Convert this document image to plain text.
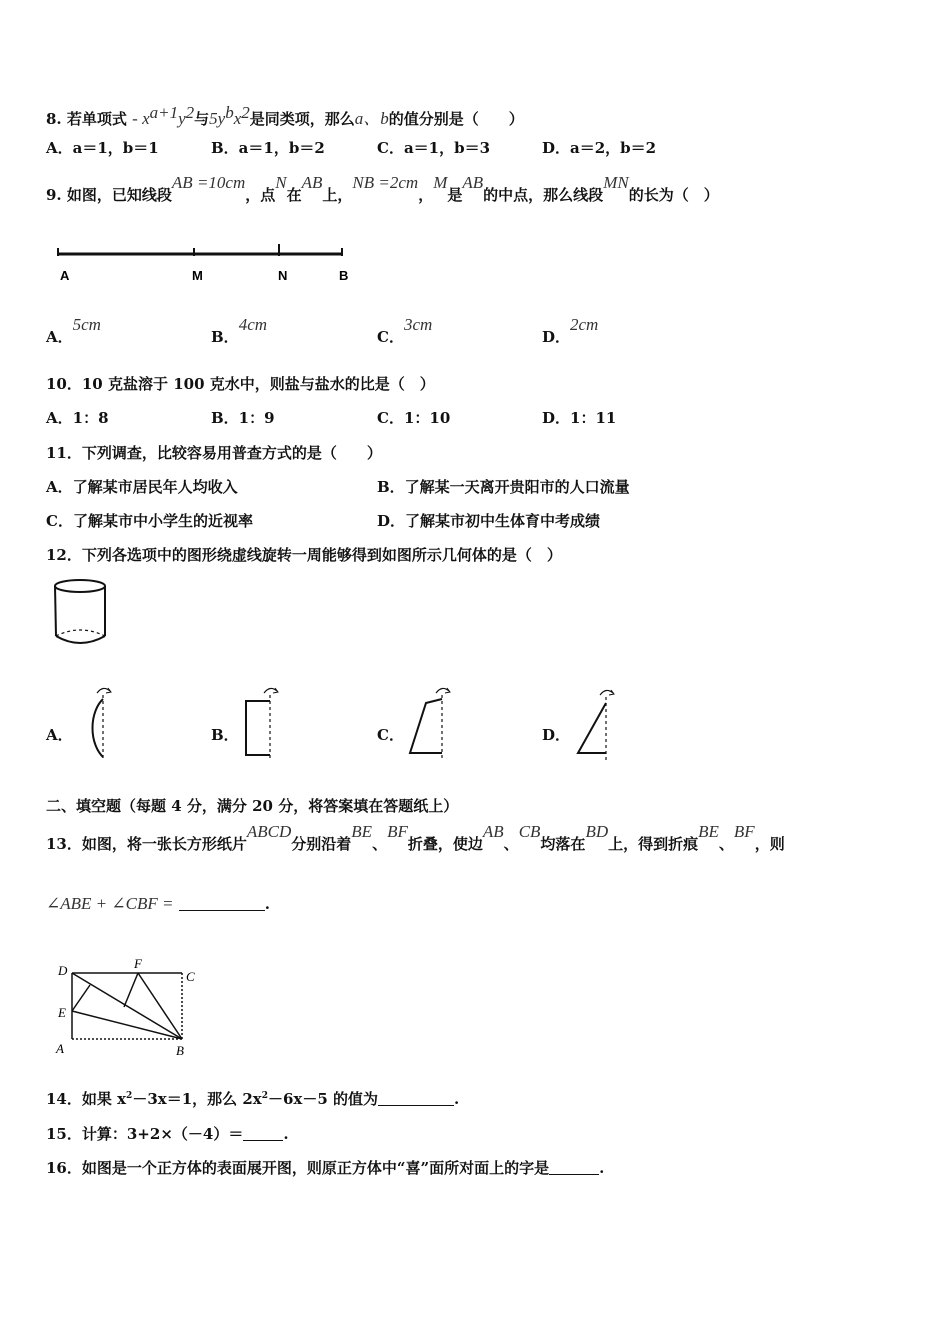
8. 若单项式 - $x^{a+1}y^2$与$5y^bx^2$是同类项，那么a、b的值分别是（　　）
A．a＝1，b＝1	B．a＝1，b＝2	C．a＝1，b＝3	D．a＝2，b＝2
9. 如图，已知线段AB =10cm，点N在AB上，NB =2cm，M是AB的中点，那么线段MN的长为（　）
A	M	N	B
A．5cm
B．4cm
C．3cm
D．2cm
10．10 克盐溶于 100 克水中，则盐与盐水的比是（　）
A．1：8	B．1：9	C．1：10	D．1：11
11．下列调查，比较容易用普查方式的是（　　）
A．了解某市居民年人均收入	B．了解某一天离开贵阳市的人口流量
C．了解某市中小学生的近视率	D．了解某市初中生体育中考成绩
12．下列各选项中的图形绕虚线旋转一周能够得到如图所示几何体的是（　）
A．	B．	C．	D．
二、填空题（每题 4 分，满分 20 分，将答案填在答题纸上）
13．如图，将一张长方形纸片ABCD分别沿着BE、BF折叠，使边AB、CB均落在BD上，得到折痕BE、BF，则
∠ABE + ∠CBF =	.
D	F
C
E
A	B
14．如果 $x^2-3x=1$，那么 $2x^2-6x-5$ 的值为	.
15．计算：3+2×（－4）＝	.
16．如图是一个正方体的表面展开图，则原正方体中“喜”面所对面上的字是	.
